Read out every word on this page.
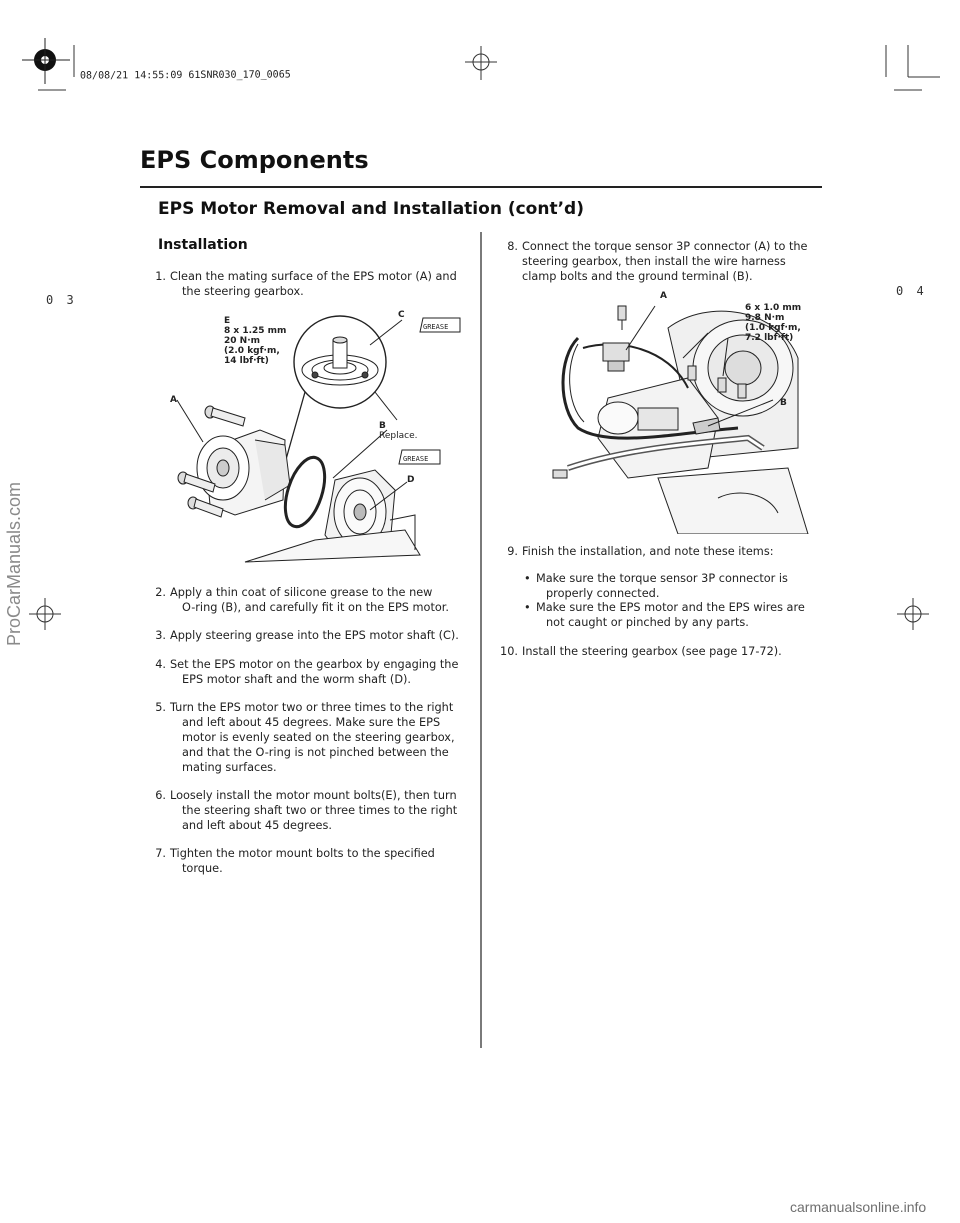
08/08/21 14:55:09 61SNR030_170_0065
0 3
0 4
EPS Components
EPS Motor Removal and Installation (cont’d)
Installation
1. Clean the mating surface of the EPS motor (A) and
the steering gearbox.
2. Apply a thin coat of silicone grease to the new
O-ring (B), and carefully fit it on the EPS motor.
3. Apply steering grease into the EPS motor shaft (C).
4. Set the EPS motor on the gearbox by engaging the
EPS motor shaft and the worm shaft (D).
5. Turn the EPS motor two or three times to the right
and left about 45 degrees. Make sure the EPS
motor is evenly seated on the steering gearbox,
and that the O-ring is not pinched between the
mating surfaces.
6. Loosely install the motor mount bolts(E), then turn
the steering shaft two or three times to the right
and left about 45 degrees.
7. Tighten the motor mount bolts to the specified
torque.
8. Connect the torque sensor 3P connector (A) to the
steering gearbox, then install the wire harness
clamp bolts and the ground terminal (B).
9. Finish the installation, and note these items:
• Make sure the torque sensor 3P connector is
properly connected.
• Make sure the EPS motor and the EPS wires are
not caught or pinched by any parts.
10. Install the steering gearbox (see page 17-72).
GREASE
GREASE
E
8 x 1.25 mm
20 N·m
(2.0 kgf·m,
14 lbf·ft)
C
A
B
Replace.
D
A
6 x 1.0 mm
9.8 N·m
(1.0 kgf·m,
7.2 lbf·ft)
B
ProCarManuals.com
carmanualsonline.info
